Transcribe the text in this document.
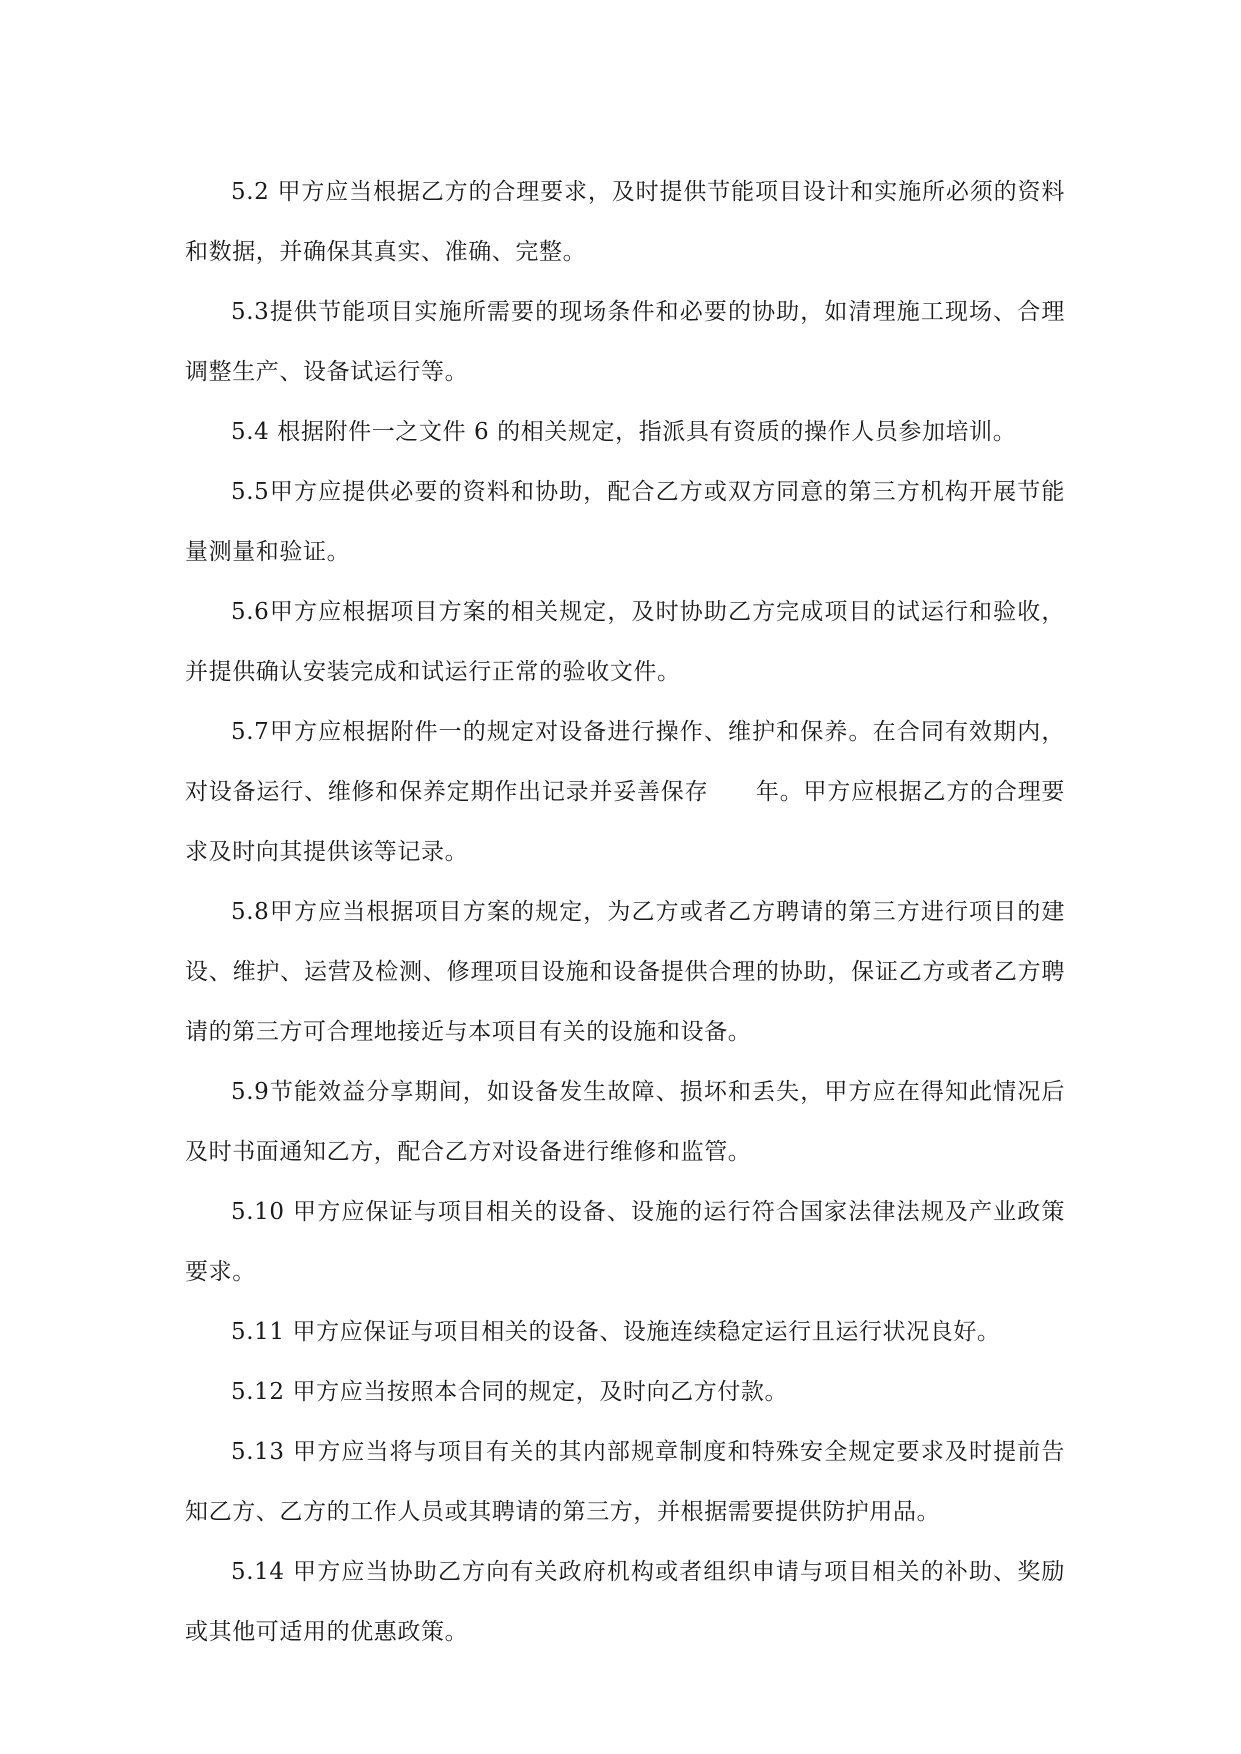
5.2 甲方应当根据乙方的合理要求，及时提供节能项目设计和实施所必须的资料和数据，并确保其真实、准确、完整。

5.3提供节能项目实施所需要的现场条件和必要的协助，如清理施工现场、合理调整生产、设备试运行等。

5.4 根据附件一之文件 6 的相关规定，指派具有资质的操作人员参加培训。

5.5甲方应提供必要的资料和协助，配合乙方或双方同意的第三方机构开展节能量测量和验证。

5.6甲方应根据项目方案的相关规定，及时协助乙方完成项目的试运行和验收，并提供确认安装完成和试运行正常的验收文件。

5.7甲方应根据附件一的规定对设备进行操作、维护和保养。在合同有效期内，对设备运行、维修和保养定期作出记录并妥善保存　　年。甲方应根据乙方的合理要求及时向其提供该等记录。

5.8甲方应当根据项目方案的规定，为乙方或者乙方聘请的第三方进行项目的建设、维护、运营及检测、修理项目设施和设备提供合理的协助，保证乙方或者乙方聘请的第三方可合理地接近与本项目有关的设施和设备。

5.9节能效益分享期间，如设备发生故障、损坏和丢失，甲方应在得知此情况后及时书面通知乙方，配合乙方对设备进行维修和监管。

5.10 甲方应保证与项目相关的设备、设施的运行符合国家法律法规及产业政策要求。

5.11 甲方应保证与项目相关的设备、设施连续稳定运行且运行状况良好。

5.12 甲方应当按照本合同的规定，及时向乙方付款。

5.13 甲方应当将与项目有关的其内部规章制度和特殊安全规定要求及时提前告知乙方、乙方的工作人员或其聘请的第三方，并根据需要提供防护用品。

5.14 甲方应当协助乙方向有关政府机构或者组织申请与项目相关的补助、奖励或其他可适用的优惠政策。
